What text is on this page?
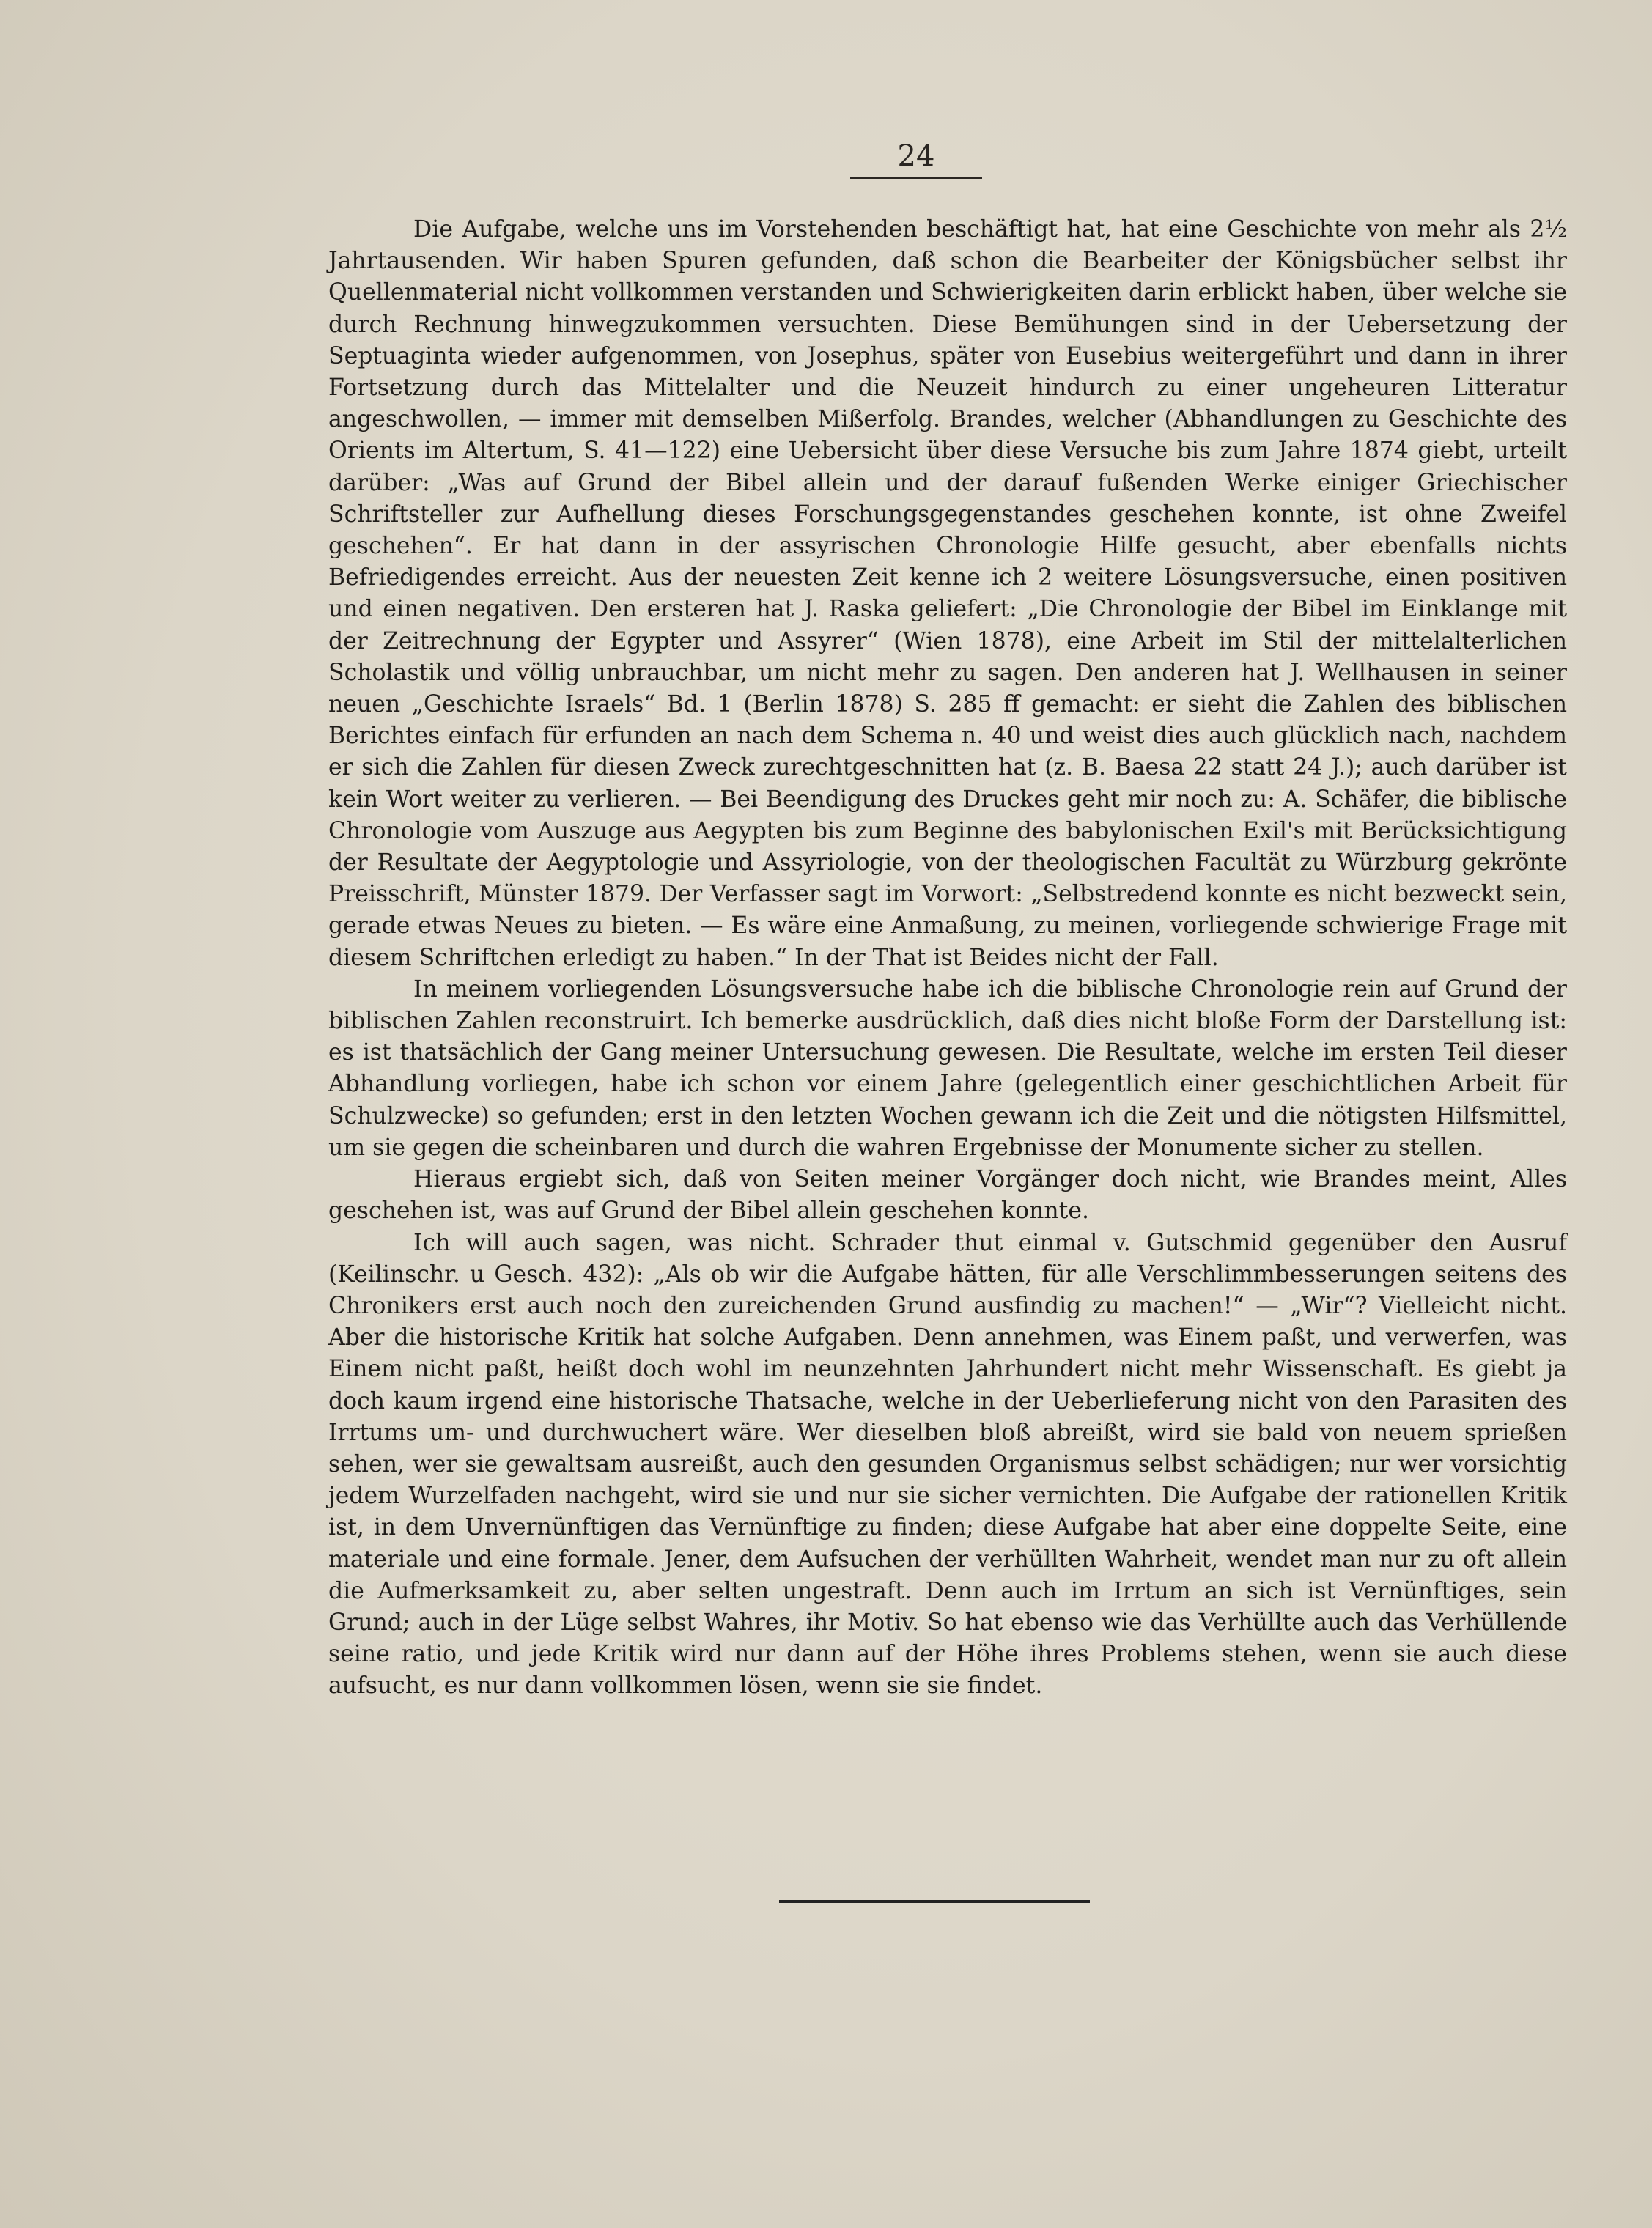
24

Die Aufgabe, welche uns im Vorstehenden beschäftigt hat, hat eine Geschichte von mehr als 2½ Jahrtausenden. Wir haben Spuren gefunden, daß schon die Bearbeiter der Königsbücher selbst ihr Quellenmaterial nicht vollkommen verstanden und Schwierigkeiten darin erblickt haben, über welche sie durch Rechnung hinwegzukommen versuchten. Diese Bemühungen sind in der Uebersetzung der Septuaginta wieder aufgenommen, von Josephus, später von Eusebius weitergeführt und dann in ihrer Fortsetzung durch das Mittelalter und die Neuzeit hindurch zu einer ungeheuren Litteratur angeschwollen, — immer mit demselben Mißerfolg. Brandes, welcher (Abhandlungen zu Geschichte des Orients im Altertum, S. 41—122) eine Uebersicht über diese Versuche bis zum Jahre 1874 giebt, urteilt darüber: „Was auf Grund der Bibel allein und der darauf fußenden Werke einiger Griechischer Schriftsteller zur Aufhellung dieses Forschungsgegenstandes geschehen konnte, ist ohne Zweifel geschehen“. Er hat dann in der assyrischen Chronologie Hilfe gesucht, aber ebenfalls nichts Befriedigendes erreicht. Aus der neuesten Zeit kenne ich 2 weitere Lösungsversuche, einen positiven und einen negativen. Den ersteren hat J. Raska geliefert: „Die Chronologie der Bibel im Einklange mit der Zeitrechnung der Egypter und Assyrer“ (Wien 1878), eine Arbeit im Stil der mittelalterlichen Scholastik und völlig unbrauchbar, um nicht mehr zu sagen. Den anderen hat J. Wellhausen in seiner neuen „Geschichte Israels“ Bd. 1 (Berlin 1878) S. 285 ff gemacht: er sieht die Zahlen des biblischen Berichtes einfach für erfunden an nach dem Schema n. 40 und weist dies auch glücklich nach, nachdem er sich die Zahlen für diesen Zweck zurechtgeschnitten hat (z. B. Baesa 22 statt 24 J.); auch darüber ist kein Wort weiter zu verlieren. — Bei Beendigung des Druckes geht mir noch zu: A. Schäfer, die biblische Chronologie vom Auszuge aus Aegypten bis zum Beginne des babylonischen Exil's mit Berücksichtigung der Resultate der Aegyptologie und Assyriologie, von der theologischen Facultät zu Würzburg gekrönte Preisschrift, Münster 1879. Der Verfasser sagt im Vorwort: „Selbstredend konnte es nicht bezweckt sein, gerade etwas Neues zu bieten. — Es wäre eine Anmaßung, zu meinen, vorliegende schwierige Frage mit diesem Schriftchen erledigt zu haben.“ In der That ist Beides nicht der Fall.

In meinem vorliegenden Lösungsversuche habe ich die biblische Chronologie rein auf Grund der biblischen Zahlen reconstruirt. Ich bemerke ausdrücklich, daß dies nicht bloße Form der Darstellung ist: es ist thatsächlich der Gang meiner Untersuchung gewesen. Die Resultate, welche im ersten Teil dieser Abhandlung vorliegen, habe ich schon vor einem Jahre (gelegentlich einer geschichtlichen Arbeit für Schulzwecke) so gefunden; erst in den letzten Wochen gewann ich die Zeit und die nötigsten Hilfsmittel, um sie gegen die scheinbaren und durch die wahren Ergebnisse der Monumente sicher zu stellen.

Hieraus ergiebt sich, daß von Seiten meiner Vorgänger doch nicht, wie Brandes meint, Alles geschehen ist, was auf Grund der Bibel allein geschehen konnte.

Ich will auch sagen, was nicht. Schrader thut einmal v. Gutschmid gegenüber den Ausruf (Keilinschr. u Gesch. 432): „Als ob wir die Aufgabe hätten, für alle Verschlimmbesserungen seitens des Chronikers erst auch noch den zureichenden Grund ausfindig zu machen!“ — „Wir“? Vielleicht nicht. Aber die historische Kritik hat solche Aufgaben. Denn annehmen, was Einem paßt, und verwerfen, was Einem nicht paßt, heißt doch wohl im neunzehnten Jahrhundert nicht mehr Wissenschaft. Es giebt ja doch kaum irgend eine historische Thatsache, welche in der Ueberlieferung nicht von den Parasiten des Irrtums um- und durchwuchert wäre. Wer dieselben bloß abreißt, wird sie bald von neuem sprießen sehen, wer sie gewaltsam ausreißt, auch den gesunden Organismus selbst schädigen; nur wer vorsichtig jedem Wurzelfaden nachgeht, wird sie und nur sie sicher vernichten. Die Aufgabe der rationellen Kritik ist, in dem Unvernünftigen das Vernünftige zu finden; diese Aufgabe hat aber eine doppelte Seite, eine materiale und eine formale. Jener, dem Aufsuchen der verhüllten Wahrheit, wendet man nur zu oft allein die Aufmerksamkeit zu, aber selten ungestraft. Denn auch im Irrtum an sich ist Vernünftiges, sein Grund; auch in der Lüge selbst Wahres, ihr Motiv. So hat ebenso wie das Verhüllte auch das Verhüllende seine ratio, und jede Kritik wird nur dann auf der Höhe ihres Problems stehen, wenn sie auch diese aufsucht, es nur dann vollkommen lösen, wenn sie sie findet.
